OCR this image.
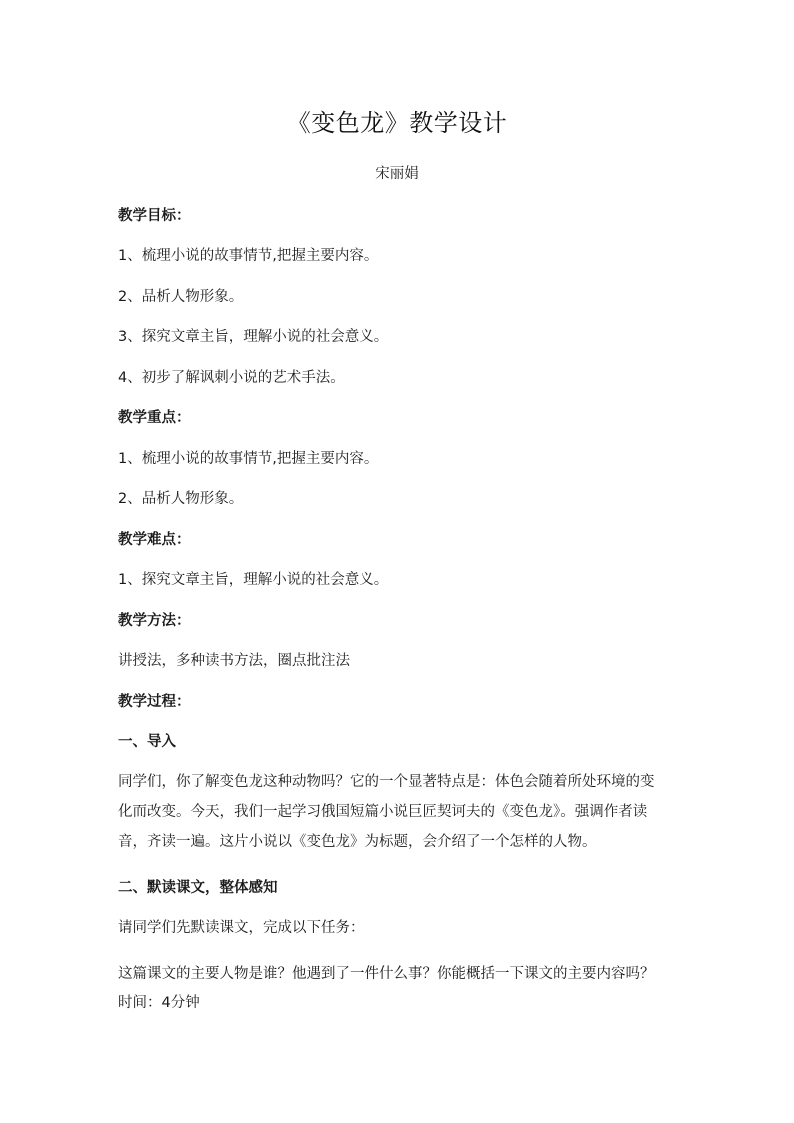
《变色龙》教学设计
宋丽娟
教学目标：
1、梳理小说的故事情节,把握主要内容。
2、品析人物形象。
3、探究文章主旨，理解小说的社会意义。
4、初步了解讽刺小说的艺术手法。
教学重点：
1、梳理小说的故事情节,把握主要内容。
2、品析人物形象。
教学难点：
1、探究文章主旨，理解小说的社会意义。
教学方法：
讲授法，多种读书方法，圈点批注法
教学过程：
一、导入
同学们，你了解变色龙这种动物吗？它的一个显著特点是：体色会随着所处环境的变
化而改变。今天，我们一起学习俄国短篇小说巨匠契诃夫的《变色龙》。强调作者读
音，齐读一遍。这片小说以《变色龙》为标题，会介绍了一个怎样的人物。
二、默读课文，整体感知
请同学们先默读课文，完成以下任务：
这篇课文的主要人物是谁？他遇到了一件什么事？你能概括一下课文的主要内容吗？
时间：4分钟
